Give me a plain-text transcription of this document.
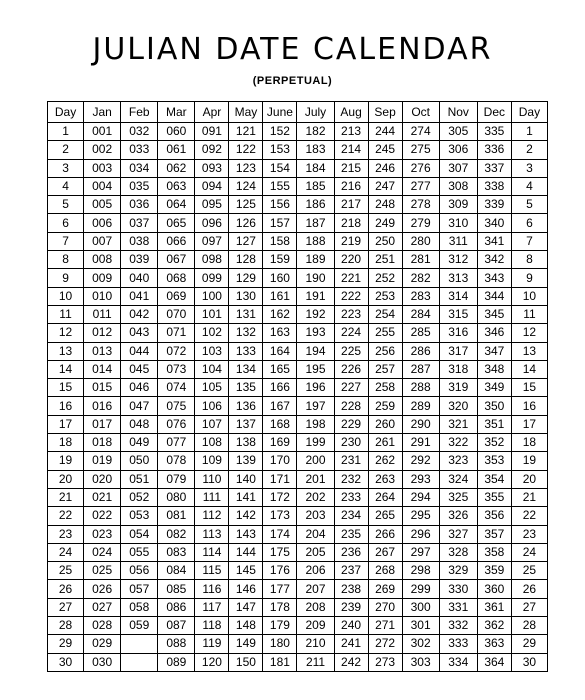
JULIAN DATE CALENDAR
(PERPETUAL)
Day	Jan	Feb	Mar	Apr	May	June	July	Aug	Sep	Oct	Nov	Dec	Day
1	001	032	060	091	121	152	182	213	244	274	305	335	1
2	002	033	061	092	122	153	183	214	245	275	306	336	2
3	003	034	062	093	123	154	184	215	246	276	307	337	3
4	004	035	063	094	124	155	185	216	247	277	308	338	4
5	005	036	064	095	125	156	186	217	248	278	309	339	5
6	006	037	065	096	126	157	187	218	249	279	310	340	6
7	007	038	066	097	127	158	188	219	250	280	311	341	7
8	008	039	067	098	128	159	189	220	251	281	312	342	8
9	009	040	068	099	129	160	190	221	252	282	313	343	9
10	010	041	069	100	130	161	191	222	253	283	314	344	10
11	011	042	070	101	131	162	192	223	254	284	315	345	11
12	012	043	071	102	132	163	193	224	255	285	316	346	12
13	013	044	072	103	133	164	194	225	256	286	317	347	13
14	014	045	073	104	134	165	195	226	257	287	318	348	14
15	015	046	074	105	135	166	196	227	258	288	319	349	15
16	016	047	075	106	136	167	197	228	259	289	320	350	16
17	017	048	076	107	137	168	198	229	260	290	321	351	17
18	018	049	077	108	138	169	199	230	261	291	322	352	18
19	019	050	078	109	139	170	200	231	262	292	323	353	19
20	020	051	079	110	140	171	201	232	263	293	324	354	20
21	021	052	080	111	141	172	202	233	264	294	325	355	21
22	022	053	081	112	142	173	203	234	265	295	326	356	22
23	023	054	082	113	143	174	204	235	266	296	327	357	23
24	024	055	083	114	144	175	205	236	267	297	328	358	24
25	025	056	084	115	145	176	206	237	268	298	329	359	25
26	026	057	085	116	146	177	207	238	269	299	330	360	26
27	027	058	086	117	147	178	208	239	270	300	331	361	27
28	028	059	087	118	148	179	209	240	271	301	332	362	28
29	029		088	119	149	180	210	241	272	302	333	363	29
30	030		089	120	150	181	211	242	273	303	334	364	30
